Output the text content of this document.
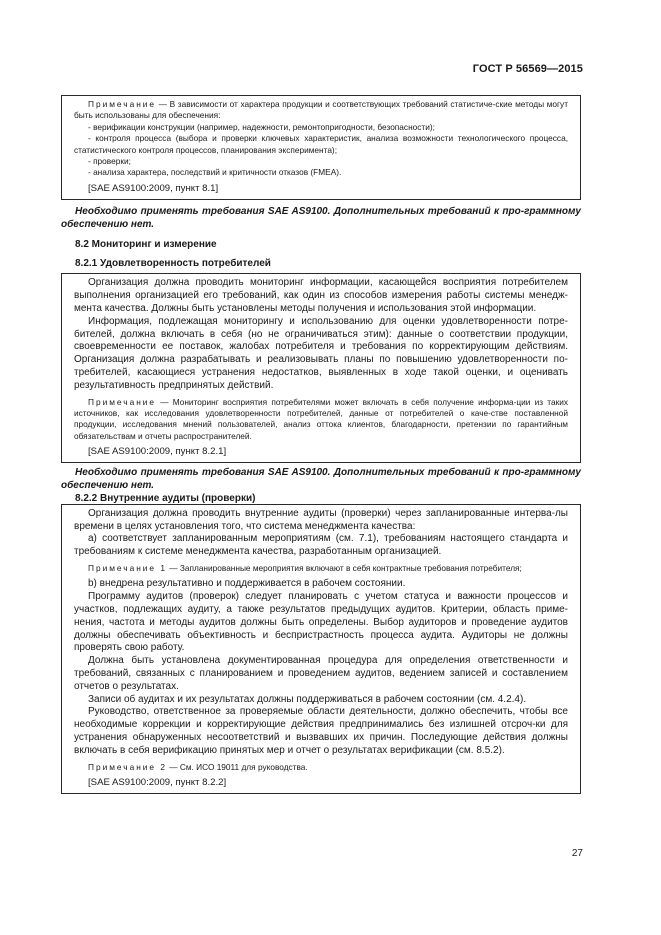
ГОСТ Р 56569—2015

Примечание — В зависимости от характера продукции и соответствующих требований статистиче-ские методы могут быть использованы для обеспечения:

- верификации конструкции (например, надежности, ремонтопригодности, безопасности);

- контроля процесса (выбора и проверки ключевых характеристик, анализа возможности технологического процесса, статистического контроля процессов, планирования эксперимента);

- проверки;

- анализа характера, последствий и критичности отказов (FMEA).

[SAE AS9100:2009, пункт 8.1]

Необходимо применять требования SAE AS9100. Дополнительных требований к про-граммному обеспечению нет.

8.2 Мониторинг и измерение

8.2.1 Удовлетворенность потребителей

Организация должна проводить мониторинг информации, касающейся восприятия потребителем выполнения организацией его требований, как один из способов измерения работы системы менедж-мента качества. Должны быть установлены методы получения и использования этой информации.

Информация, подлежащая мониторингу и использованию для оценки удовлетворенности потре-бителей, должна включать в себя (но не ограничиваться этим): данные о соответствии продукции, своевременности ее поставок, жалобах потребителя и требования по корректирующим действиям. Организация должна разрабатывать и реализовывать планы по повышению удовлетворенности по-требителей, касающиеся устранения недостатков, выявленных в ходе такой оценки, и оценивать результативность предпринятых действий.

Примечание — Мониторинг восприятия потребителями может включать в себя получение информа-ции из таких источников, как исследования удовлетворенности потребителей, данные от потребителей о каче-стве поставленной продукции, исследования мнений пользователей, анализ оттока клиентов, благодарности, претензии по гарантийным обязательствам и отчеты распространителей.

[SAE AS9100:2009, пункт 8.2.1]

Необходимо применять требования SAE AS9100. Дополнительных требований к про-граммному обеспечению нет.

8.2.2 Внутренние аудиты (проверки)

Организация должна проводить внутренние аудиты (проверки) через запланированные интерва-лы времени в целях установления того, что система менеджмента качества:

а) соответствует запланированным мероприятиям (см. 7.1), требованиям настоящего стандарта и требованиям к системе менеджмента качества, разработанным организацией.

Примечание 1 — Запланированные мероприятия включают в себя контрактные требования потребителя;

b) внедрена результативно и поддерживается в рабочем состоянии.

Программу аудитов (проверок) следует планировать с учетом статуса и важности процессов и участков, подлежащих аудиту, а также результатов предыдущих аудитов. Критерии, область приме-нения, частота и методы аудитов должны быть определены. Выбор аудиторов и проведение аудитов должны обеспечивать объективность и беспристрастность процесса аудита. Аудиторы не должны проверять свою работу.

Должна быть установлена документированная процедура для определения ответственности и требований, связанных с планированием и проведением аудитов, ведением записей и составлением отчетов о результатах.

Записи об аудитах и их результатах должны поддерживаться в рабочем состоянии (см. 4.2.4).

Руководство, ответственное за проверяемые области деятельности, должно обеспечить, чтобы все необходимые коррекции и корректирующие действия предпринимались без излишней отсроч-ки для устранения обнаруженных несоответствий и вызвавших их причин. Последующие действия должны включать в себя верификацию принятых мер и отчет о результатах верификации (см. 8.5.2).

Примечание 2 — См. ИСО 19011 для руководства.

[SAE AS9100:2009, пункт 8.2.2]

27
